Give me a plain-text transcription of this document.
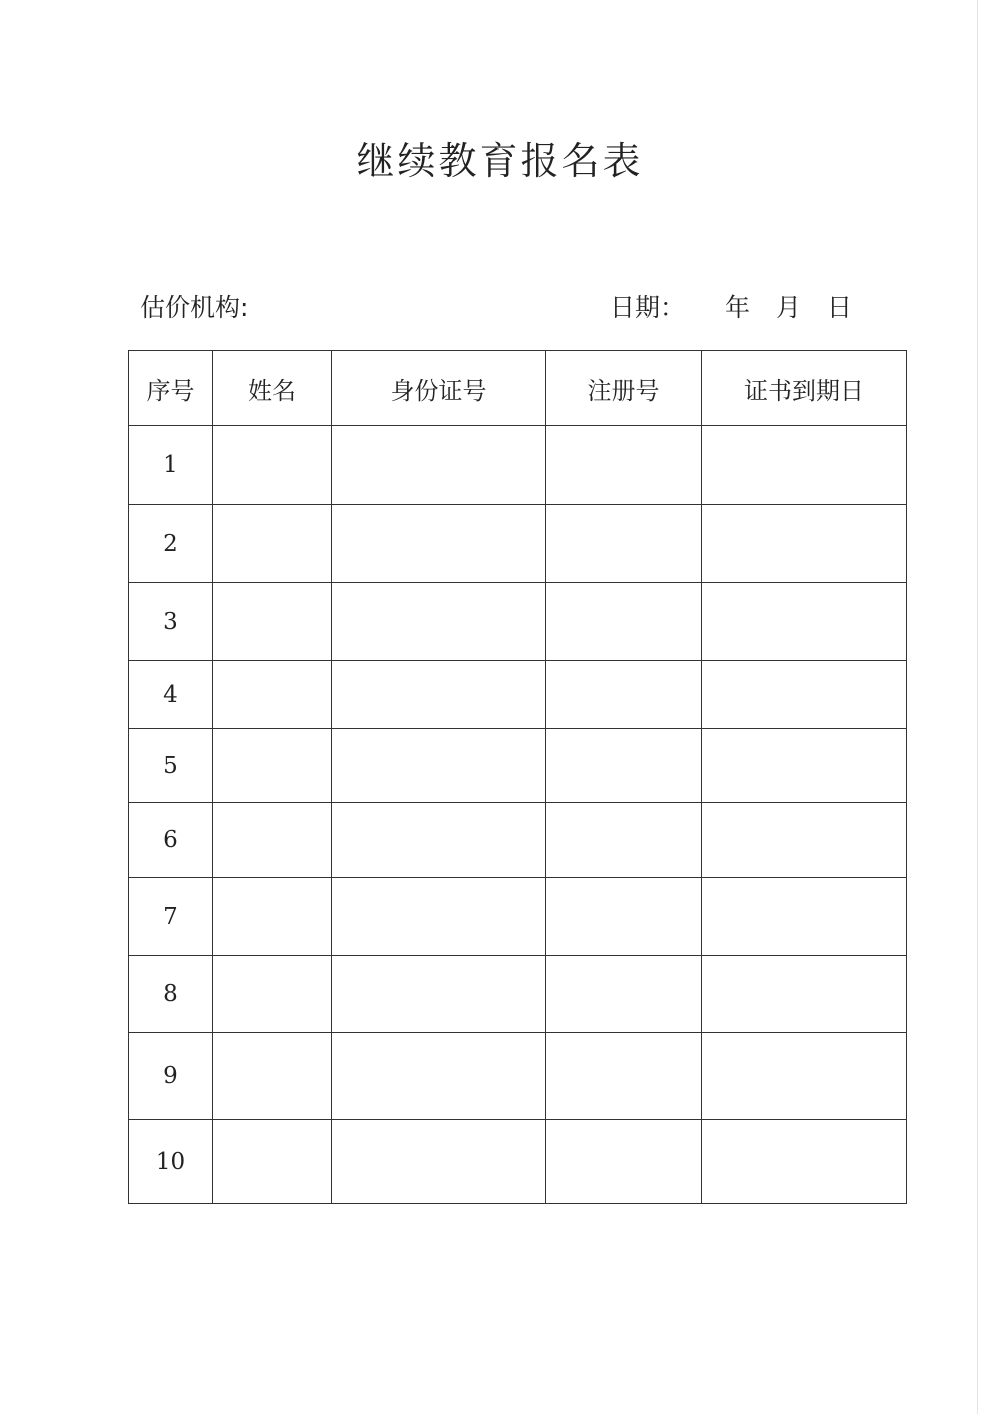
继续教育报名表
估价机构:	日期： 年 月 日
序号	姓名	身份证号	注册号	证书到期日
1				
2				
3				
4				
5				
6				
7				
8				
9				
10				
